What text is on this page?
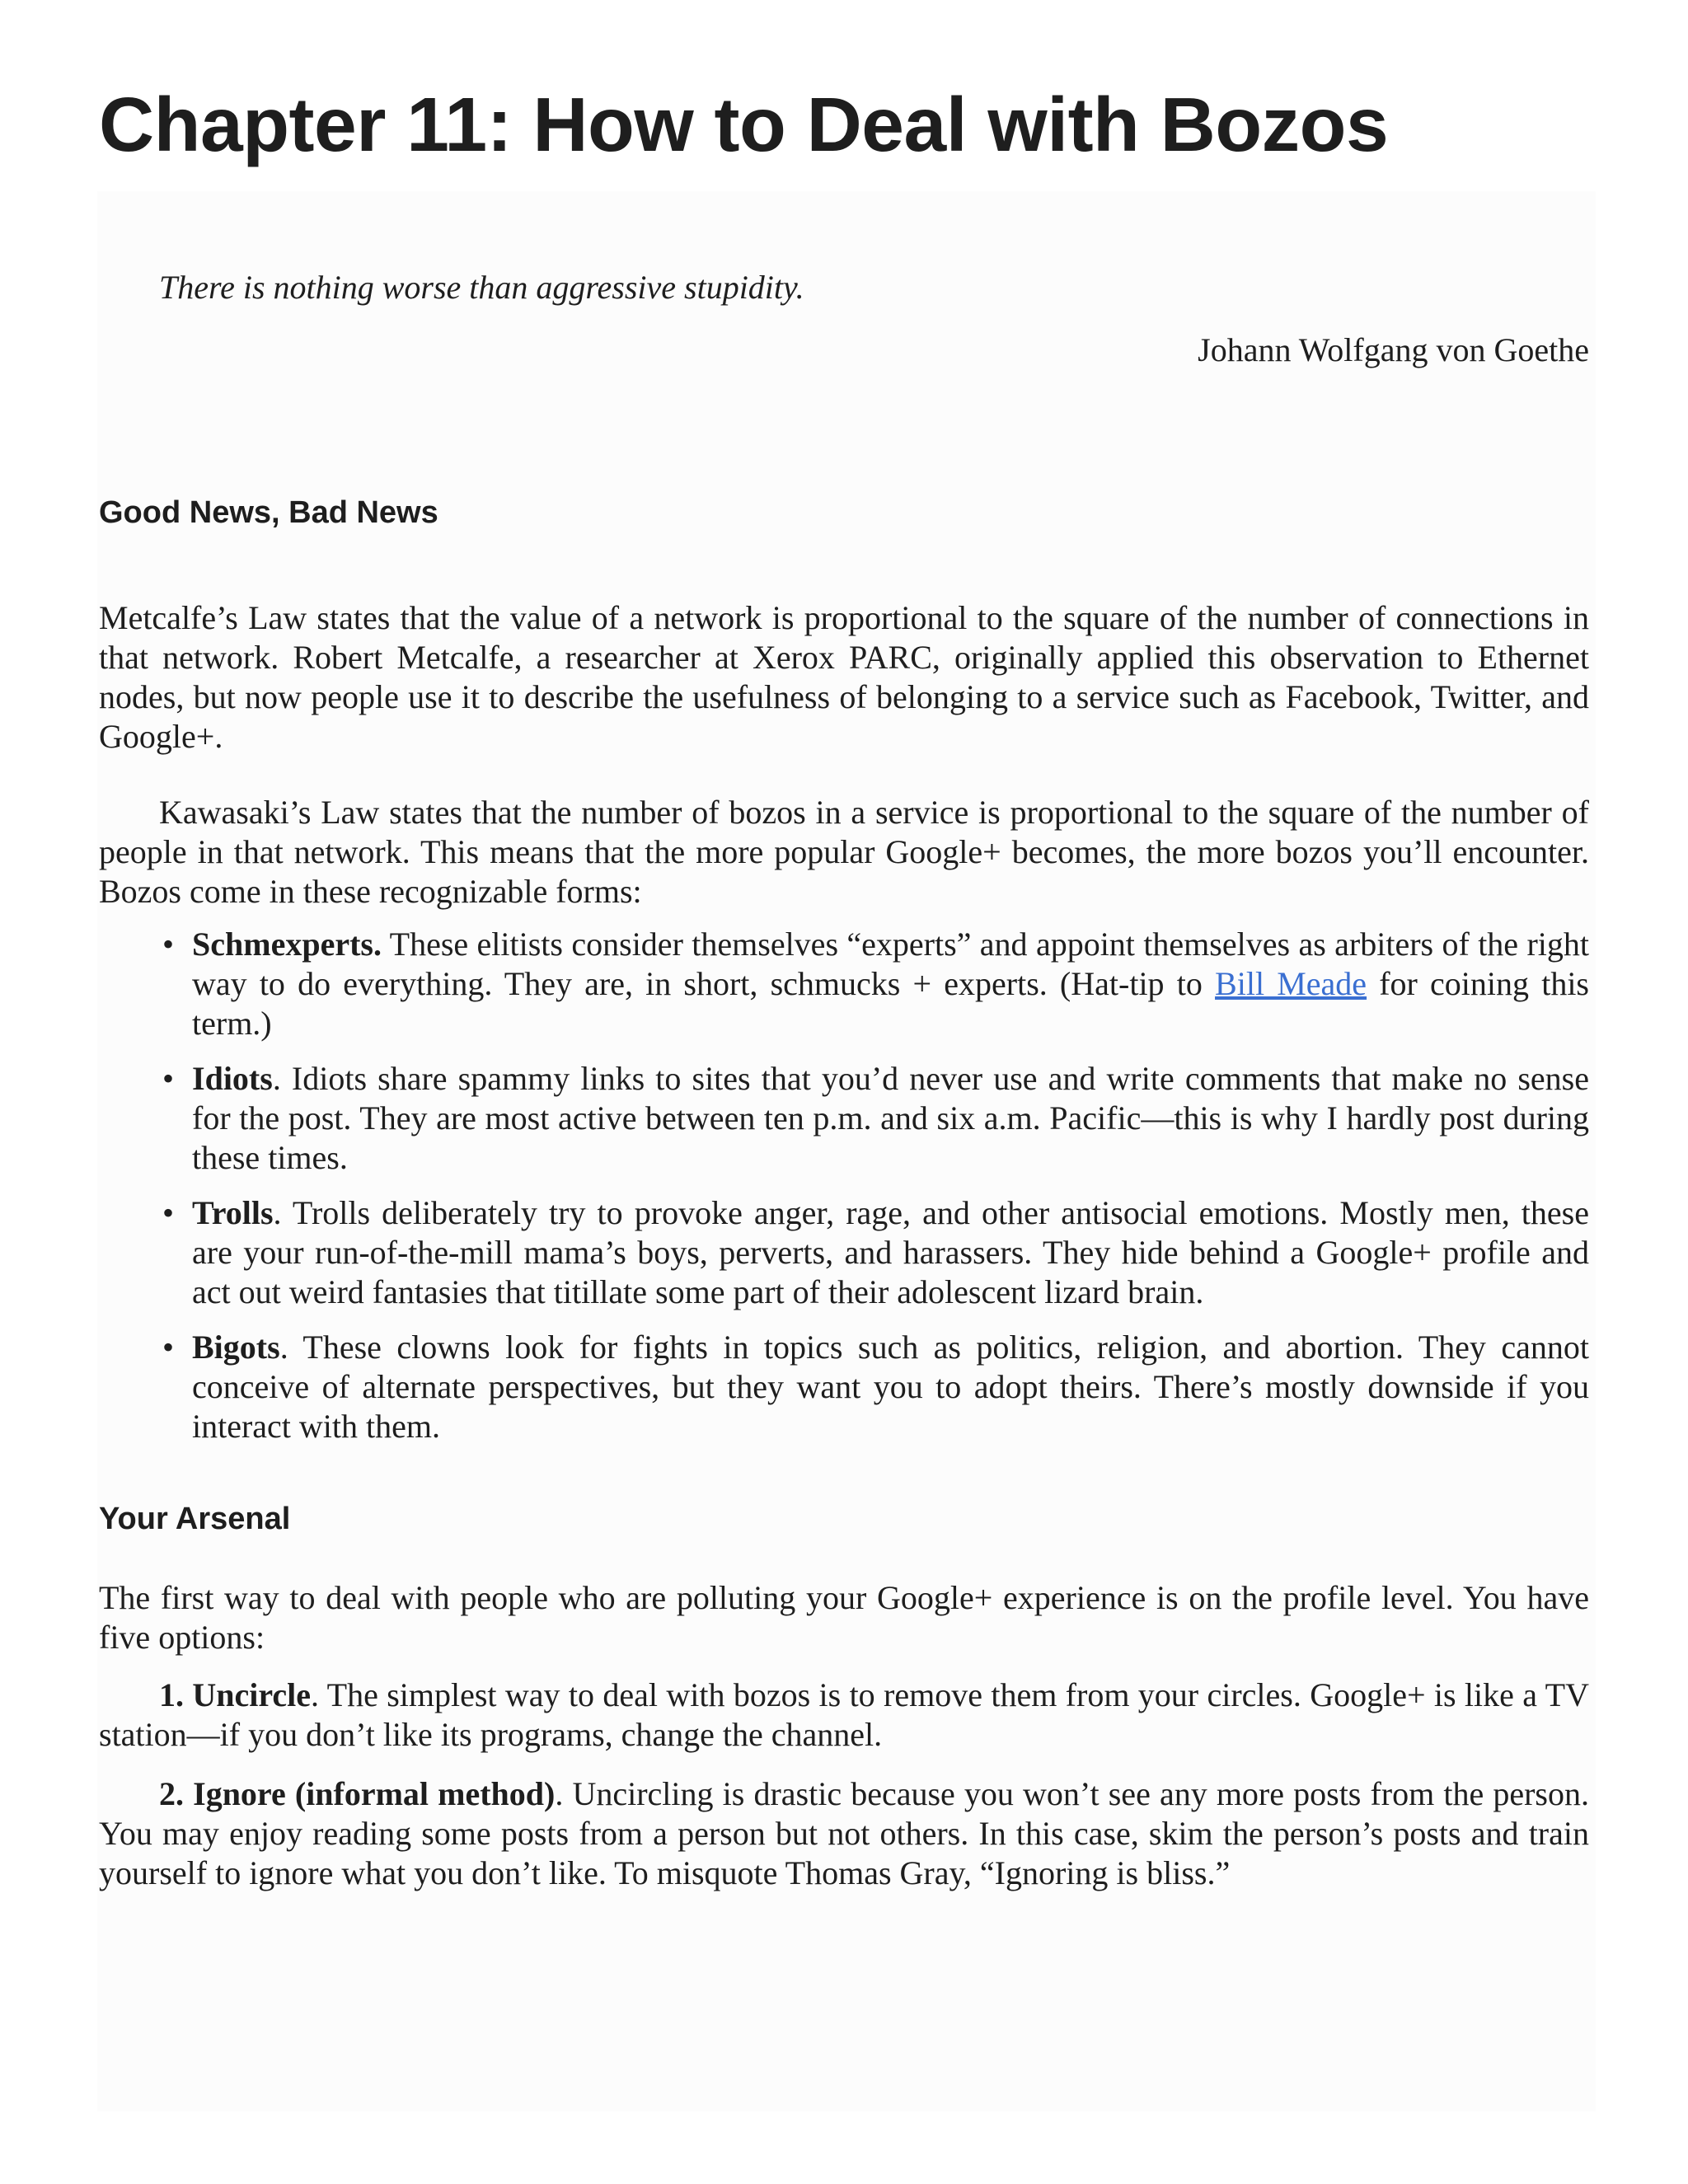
Chapter 11: How to Deal with Bozos

There is nothing worse than aggressive stupidity.

Johann Wolfgang von Goethe

Good News, Bad News

Metcalfe’s Law states that the value of a network is proportional to the square of the number of connections in that network. Robert Metcalfe, a researcher at Xerox PARC, originally applied this observation to Ethernet nodes, but now people use it to describe the usefulness of belonging to a service such as Facebook, Twitter, and Google+.

Kawasaki’s Law states that the number of bozos in a service is proportional to the square of the number of people in that network. This means that the more popular Google+ becomes, the more bozos you’ll encounter. Bozos come in these recognizable forms:

• Schmexperts. These elitists consider themselves “experts” and appoint themselves as arbiters of the right way to do everything. They are, in short, schmucks + experts. (Hat-tip to Bill Meade for coining this term.)
• Idiots. Idiots share spammy links to sites that you’d never use and write comments that make no sense for the post. They are most active between ten p.m. and six a.m. Pacific—this is why I hardly post during these times.
• Trolls. Trolls deliberately try to provoke anger, rage, and other antisocial emotions. Mostly men, these are your run-of-the-mill mama’s boys, perverts, and harassers. They hide behind a Google+ profile and act out weird fantasies that titillate some part of their adolescent lizard brain.
• Bigots. These clowns look for fights in topics such as politics, religion, and abortion. They cannot conceive of alternate perspectives, but they want you to adopt theirs. There’s mostly downside if you interact with them.
Your Arsenal

The first way to deal with people who are polluting your Google+ experience is on the profile level. You have five options:

1. Uncircle. The simplest way to deal with bozos is to remove them from your circles. Google+ is like a TV station—if you don’t like its programs, change the channel.

2. Ignore (informal method). Uncircling is drastic because you won’t see any more posts from the person. You may enjoy reading some posts from a person but not others. In this case, skim the person’s posts and train yourself to ignore what you don’t like. To misquote Thomas Gray, “Ignoring is bliss.”
